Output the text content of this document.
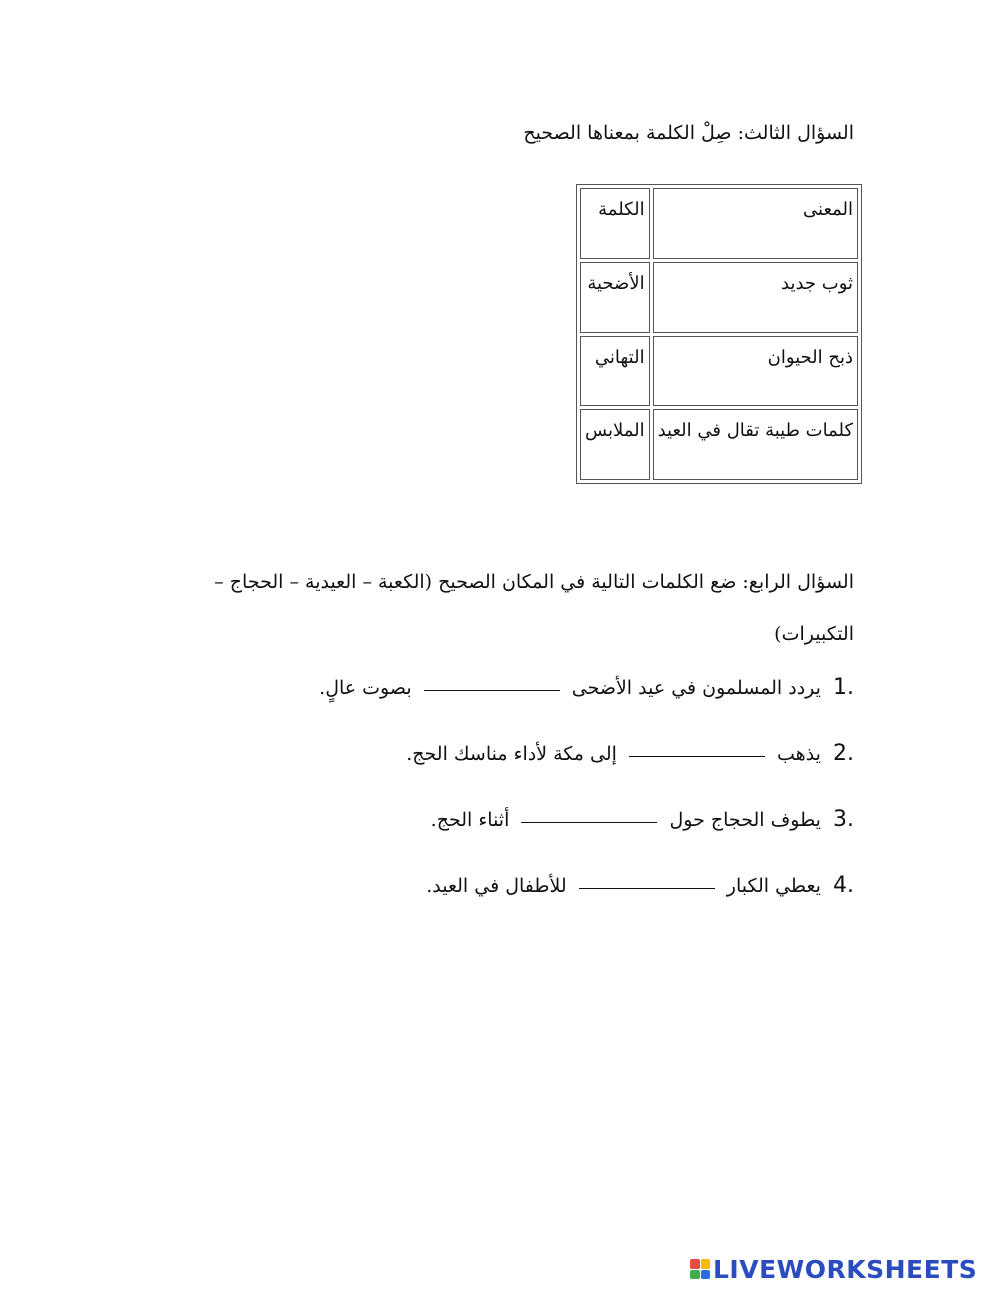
السؤال الثالث: صِلْ الكلمة بمعناها الصحيح
المعنى	الكلمة
ثوب جديد	الأضحية
ذبح الحيوان	التهاني
كلمات طيبة تقال في العيد	الملابس
السؤال الرابع: ضع الكلمات التالية في المكان الصحيح (الكعبة – العيدية – الحجاج – التكبيرات)
1. يردد المسلمون في عيد الأضحى  بصوت عالٍ.
2. يذهب  إلى مكة لأداء مناسك الحج.
3. يطوف الحجاج حول  أثناء الحج.
4. يعطي الكبار  للأطفال في العيد.
LIVEWORKSHEETS
